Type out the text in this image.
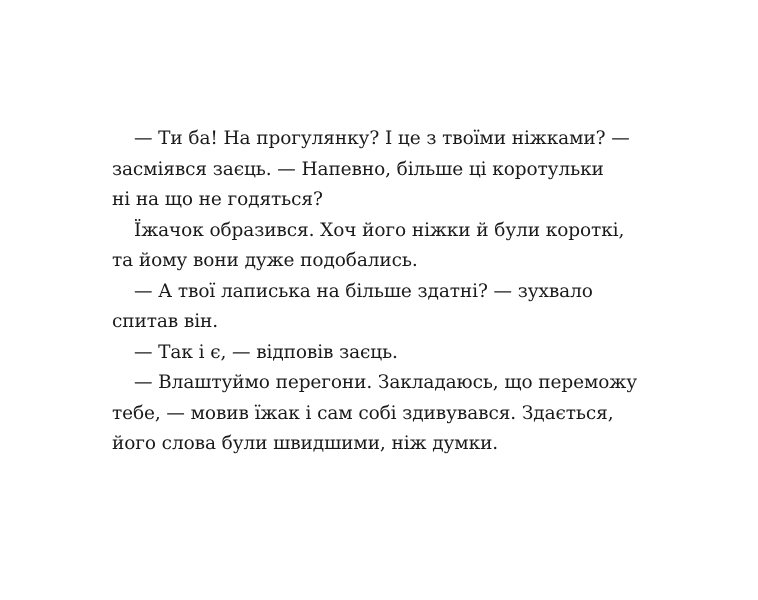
— Ти ба! На прогулянку? І це з твоїми ніжками? —
засміявся заєць. — Напевно, більше ці коротульки
ні на що не годяться?
Їжачок образився. Хоч його ніжки й були короткі,
та йому вони дуже подобались.
— А твої лаписька на більше здатні? — зухвало
спитав він.
— Так і є, — відповів заєць.
— Влаштуймо перегони. Закладаюсь, що переможу
тебе, — мовив їжак і сам собі здивувався. Здається,
його слова були швидшими, ніж думки.
